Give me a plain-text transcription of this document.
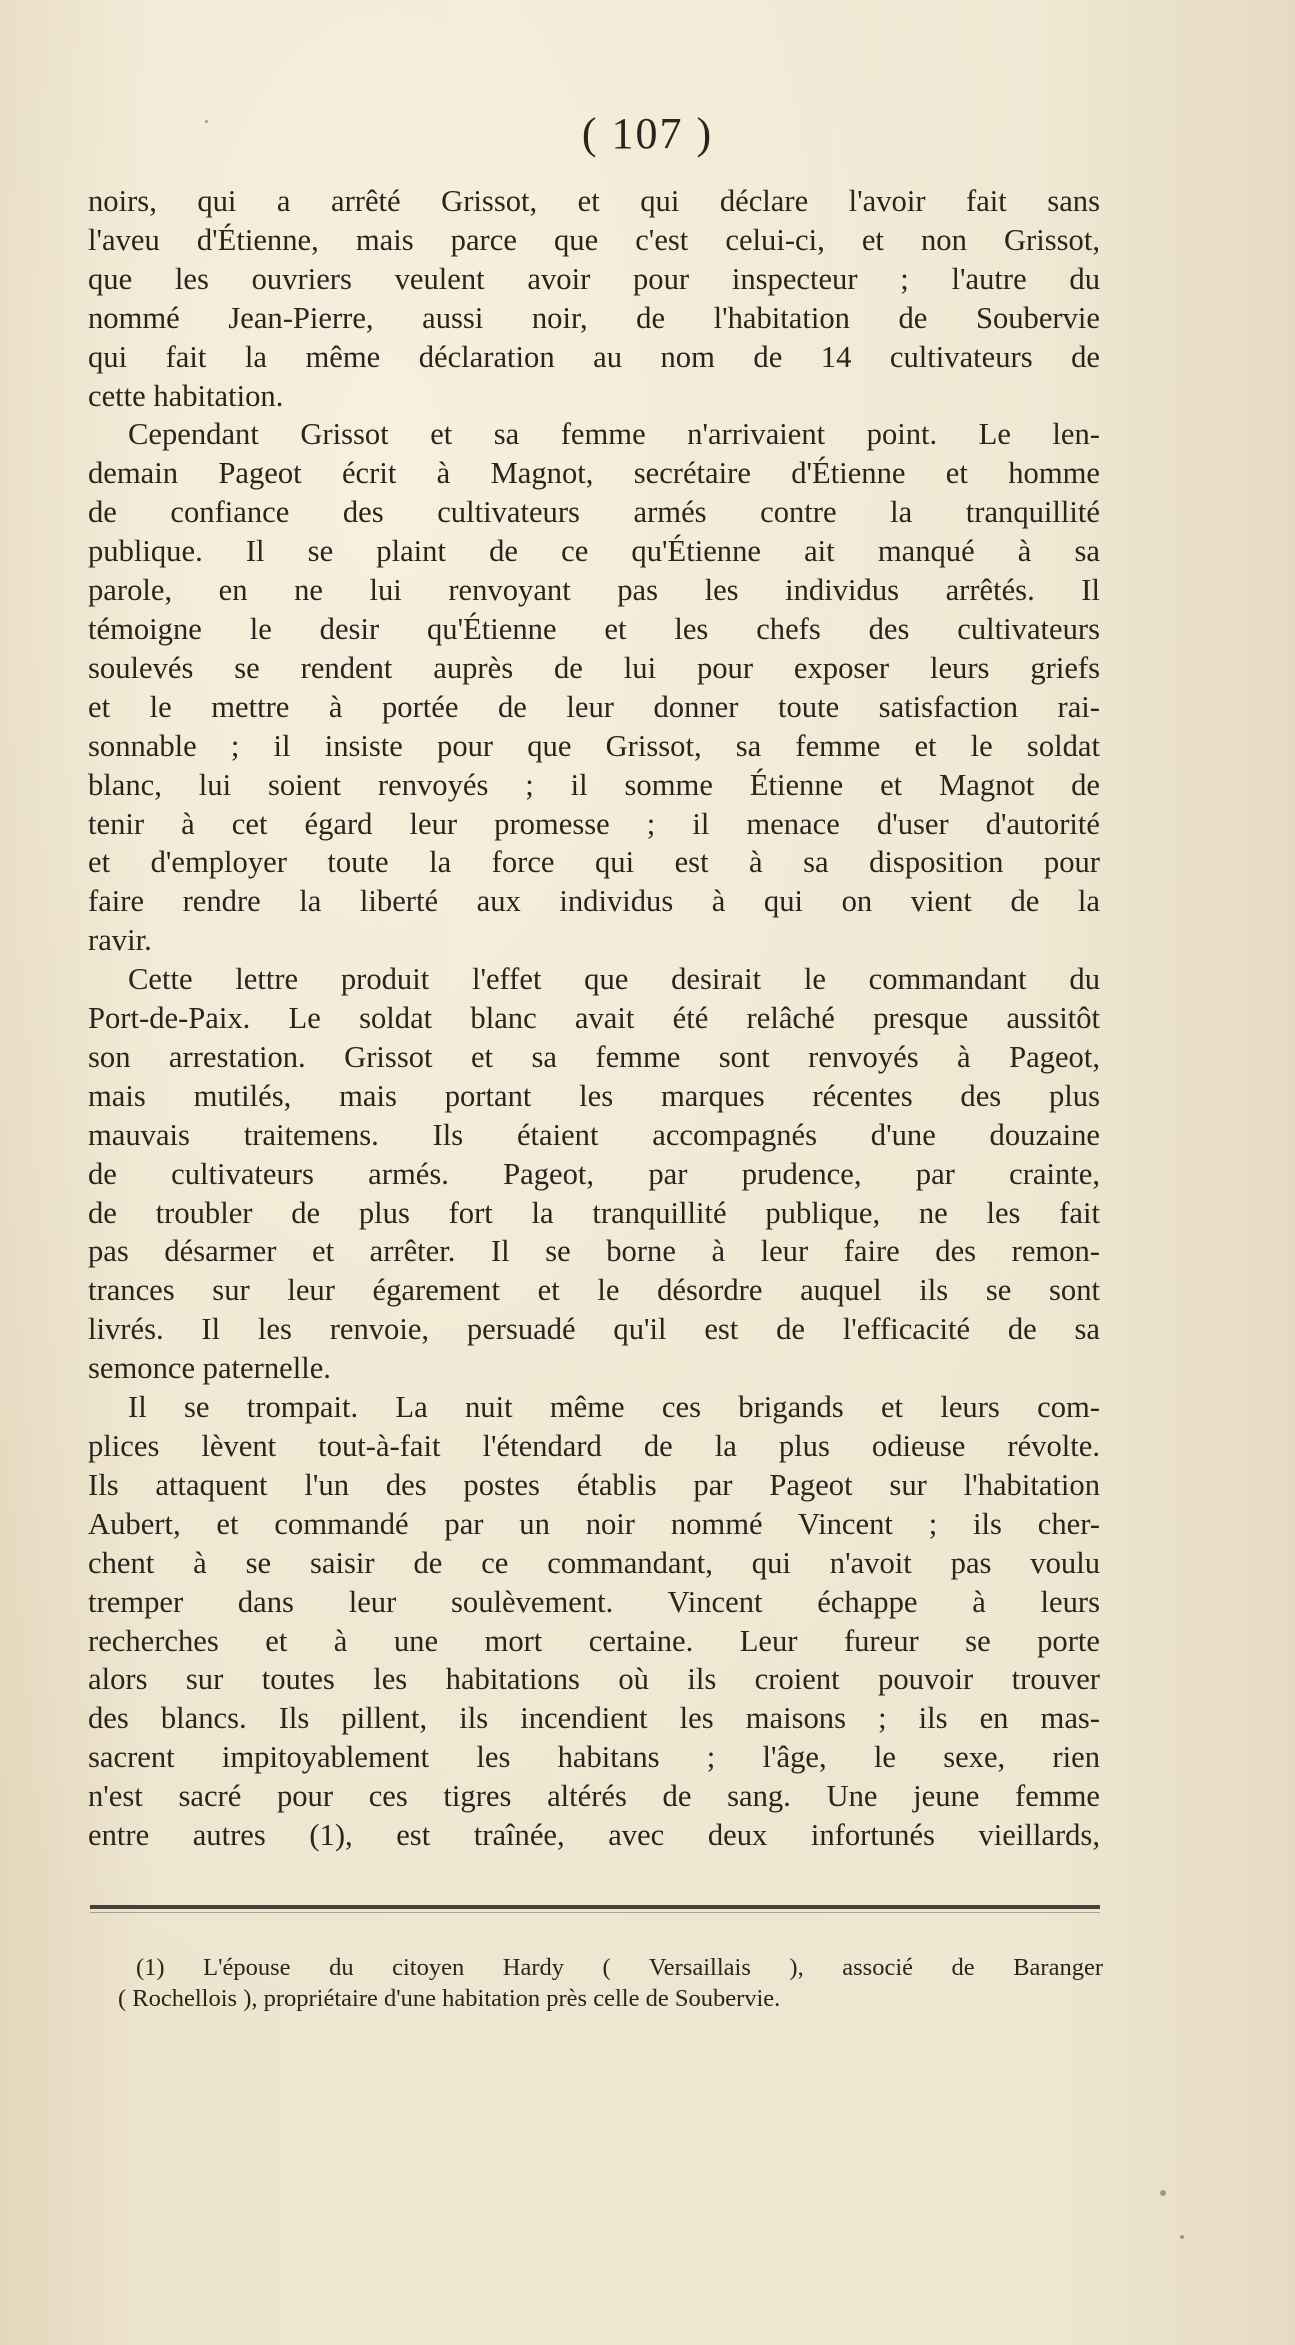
( 107 )
noirs, qui a arrêté Grissot, et qui déclare l'avoir fait sans
l'aveu d'Étienne, mais parce que c'est celui-ci, et non Grissot,
que les ouvriers veulent avoir pour inspecteur ; l'autre du
nommé Jean-Pierre, aussi noir, de l'habitation de Soubervie
qui fait la même déclaration au nom de 14 cultivateurs de
cette habitation.
Cependant Grissot et sa femme n'arrivaient point. Le len-
demain Pageot écrit à Magnot, secrétaire d'Étienne et homme
de confiance des cultivateurs armés contre la tranquillité
publique. Il se plaint de ce qu'Étienne ait manqué à sa
parole, en ne lui renvoyant pas les individus arrêtés. Il
témoigne le desir qu'Étienne et les chefs des cultivateurs
soulevés se rendent auprès de lui pour exposer leurs griefs
et le mettre à portée de leur donner toute satisfaction rai-
sonnable ; il insiste pour que Grissot, sa femme et le soldat
blanc, lui soient renvoyés ; il somme Étienne et Magnot de
tenir à cet égard leur promesse ; il menace d'user d'autorité
et d'employer toute la force qui est à sa disposition pour
faire rendre la liberté aux individus à qui on vient de la
ravir.
Cette lettre produit l'effet que desirait le commandant du
Port-de-Paix. Le soldat blanc avait été relâché presque aussitôt
son arrestation. Grissot et sa femme sont renvoyés à Pageot,
mais mutilés, mais portant les marques récentes des plus
mauvais traitemens. Ils étaient accompagnés d'une douzaine
de cultivateurs armés. Pageot, par prudence, par crainte,
de troubler de plus fort la tranquillité publique, ne les fait
pas désarmer et arrêter. Il se borne à leur faire des remon-
trances sur leur égarement et le désordre auquel ils se sont
livrés. Il les renvoie, persuadé qu'il est de l'efficacité de sa
semonce paternelle.
Il se trompait. La nuit même ces brigands et leurs com-
plices lèvent tout-à-fait l'étendard de la plus odieuse révolte.
Ils attaquent l'un des postes établis par Pageot sur l'habitation
Aubert, et commandé par un noir nommé Vincent ; ils cher-
chent à se saisir de ce commandant, qui n'avoit pas voulu
tremper dans leur soulèvement. Vincent échappe à leurs
recherches et à une mort certaine. Leur fureur se porte
alors sur toutes les habitations où ils croient pouvoir trouver
des blancs. Ils pillent, ils incendient les maisons ; ils en mas-
sacrent impitoyablement les habitans ; l'âge, le sexe, rien
n'est sacré pour ces tigres altérés de sang. Une jeune femme
entre autres (1), est traînée, avec deux infortunés vieillards,
(1) L'épouse du citoyen Hardy ( Versaillais ), associé de Baranger
( Rochellois ), propriétaire d'une habitation près celle de Soubervie.
